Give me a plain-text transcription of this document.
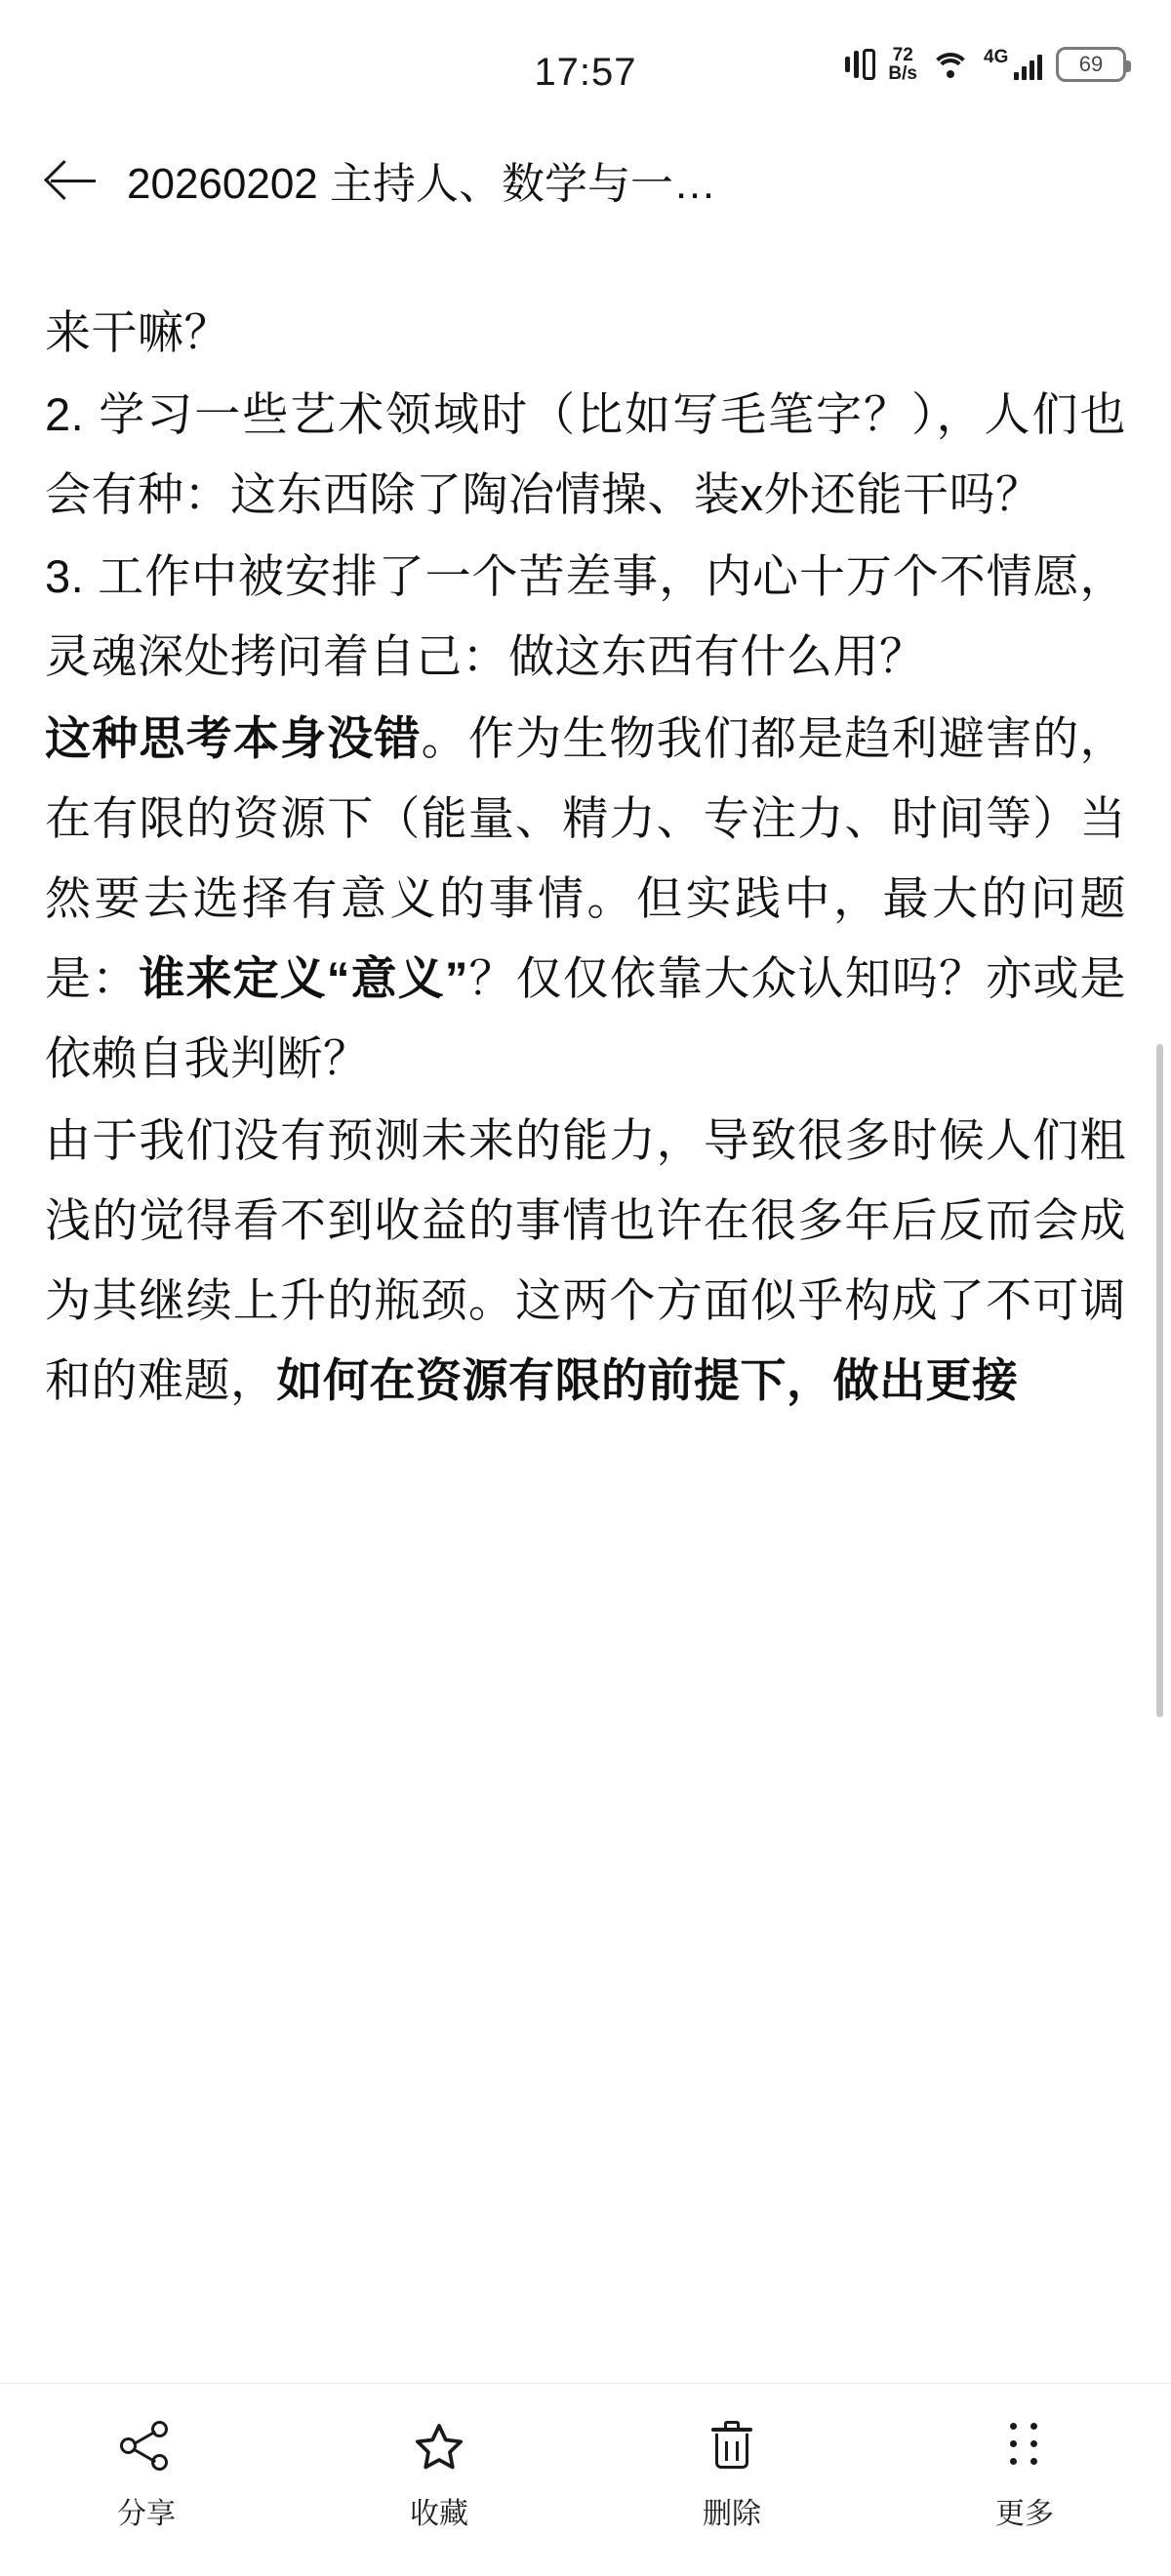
17:57	72
B/s
4G	69
20260202 主持人、数学与一…

来干嘛？

2. 学习一些艺术领域时（比如写毛笔字？），人们也会有种：这东西除了陶冶情操、装x外还能干吗？

3. 工作中被安排了一个苦差事，内心十万个不情愿，灵魂深处拷问着自己：做这东西有什么用？

这种思考本身没错。作为生物我们都是趋利避害的，在有限的资源下（能量、精力、专注力、时间等）当然要去选择有意义的事情。但实践中，最大的问题是：谁来定义“意义”？仅仅依靠大众认知吗？亦或是依赖自我判断？

由于我们没有预测未来的能力，导致很多时候人们粗浅的觉得看不到收益的事情也许在很多年后反而会成为其继续上升的瓶颈。这两个方面似乎构成了不可调和的难题，如何在资源有限的前提下，做出更接

分享	收藏	删除	更多
